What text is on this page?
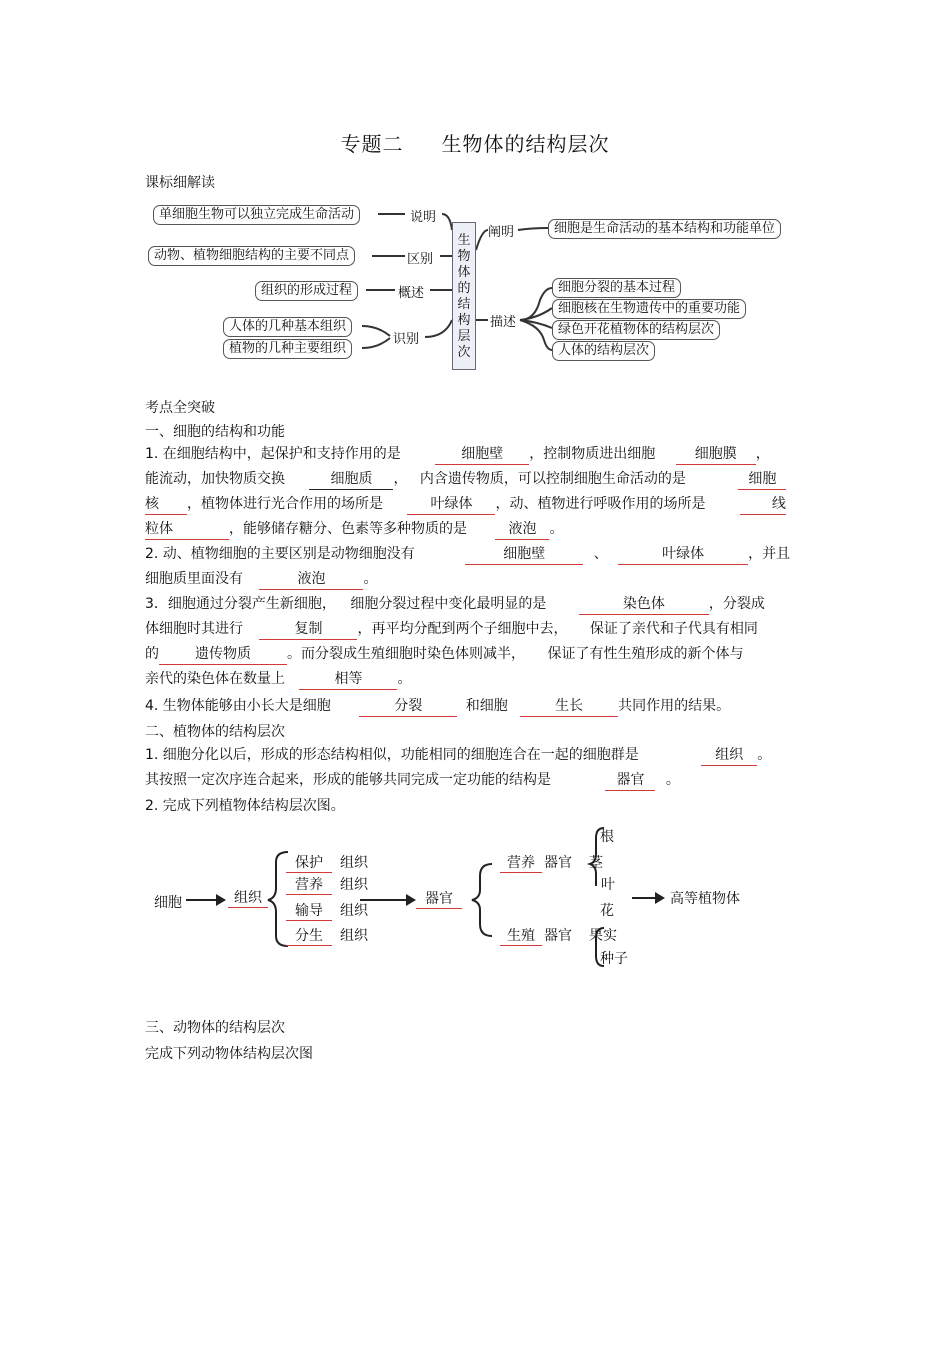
专题二 生物体的结构层次
课标细解读
单细胞生物可以独立完成生命活动	说明
动物、植物细胞结构的主要不同点	区别
组织的形成过程	概述
人体的几种基本组织
植物的几种主要组织
识别
生
物
体
的
结
构
层
次
阐明	细胞是生命活动的基本结构和功能单位
描述
细胞分裂的基本过程
细胞核在生物遗传中的重要功能
绿色开花植物体的结构层次
人体的结构层次
考点全突破
一、细胞的结构和功能
1. 在细胞结构中，起保护和支持作用的是	细胞壁 ，控制物质进出细胞	细胞膜 ，
能流动，加快物质交换	细胞质 ， 内含遗传物质，可以控制细胞生命活动的是	细胞
核 ，植物体进行光合作用的场所是	叶绿体 ，动、植物进行呼吸作用的场所是	线
粒体	，能够储存糖分、色素等多种物质的是	液泡 。
2. 动、植物细胞的主要区别是动物细胞没有	细胞壁	、	叶绿体	，并且
细胞质里面没有	液泡	。
3．细胞通过分裂产生新细胞， 细胞分裂过程中变化最明显的是	染色体	，分裂成
体细胞时其进行	复制	，再平均分配到两个子细胞中去， 保证了亲代和子代具有相同
的	遗传物质	。而分裂成生殖细胞时染色体则减半， 保证了有性生殖形成的新个体与
亲代的染色体在数量上	相等	。
4. 生物体能够由小长大是细胞	分裂	和细胞	生长	共同作用的结果。
二、植物体的结构层次
1. 细胞分化以后，形成的形态结构相似，功能相同的细胞连合在一起的细胞群是	组织 。
其按照一定次序连合起来，形成的能够共同完成一定功能的结构是	器官 。
2. 完成下列植物体结构层次图。
细胞	组织
保护 组织
营养 组织
输导 组织
分生 组织
器官
营养 器官
生殖 器官
根
茎
叶
花
果实
种子
高等植物体
三、动物体的结构层次
完成下列动物体结构层次图
